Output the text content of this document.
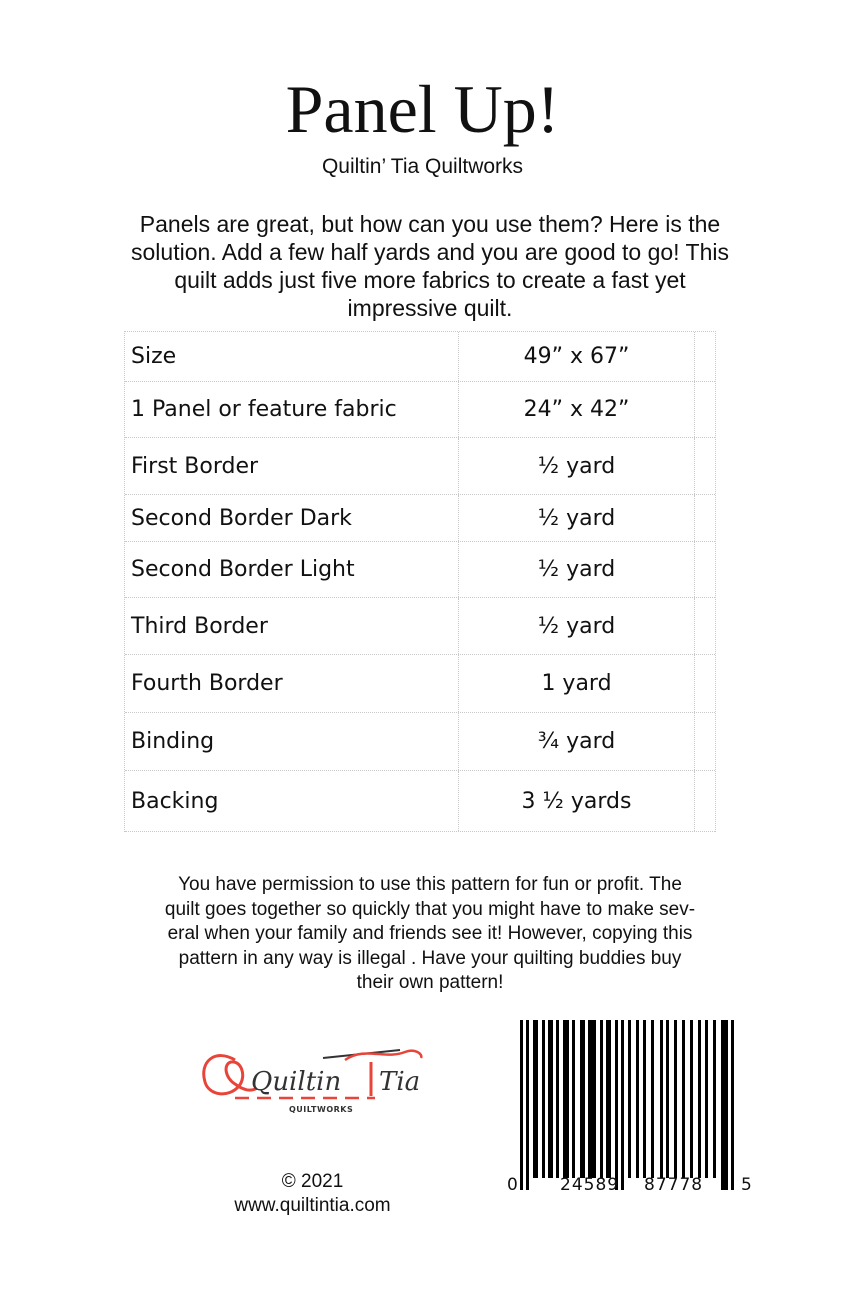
Panel Up!
Quiltin’ Tia Quiltworks
Panels are great, but how can you use them? Here is the
solution. Add a few half yards and you are good to go! This
quilt adds just five more fabrics to create a fast yet
impressive quilt.
Size	49” x 67”
1 Panel or feature fabric	24” x 42”
First Border	½ yard
Second Border Dark	½ yard
Second Border Light	½ yard
Third Border	½ yard
Fourth Border	1 yard
Binding	¾ yard
Backing	3 ½ yards
You have permission to use this pattern for fun or profit. The
quilt goes together so quickly that you might have to make sev-
eral when your family and friends see it! However, copying this
pattern in any way is illegal . Have your quilting buddies buy
their own pattern!
Quiltin Tia
QUILTWORKS
© 2021
www.quiltintia.com
0 24589 87778 5
